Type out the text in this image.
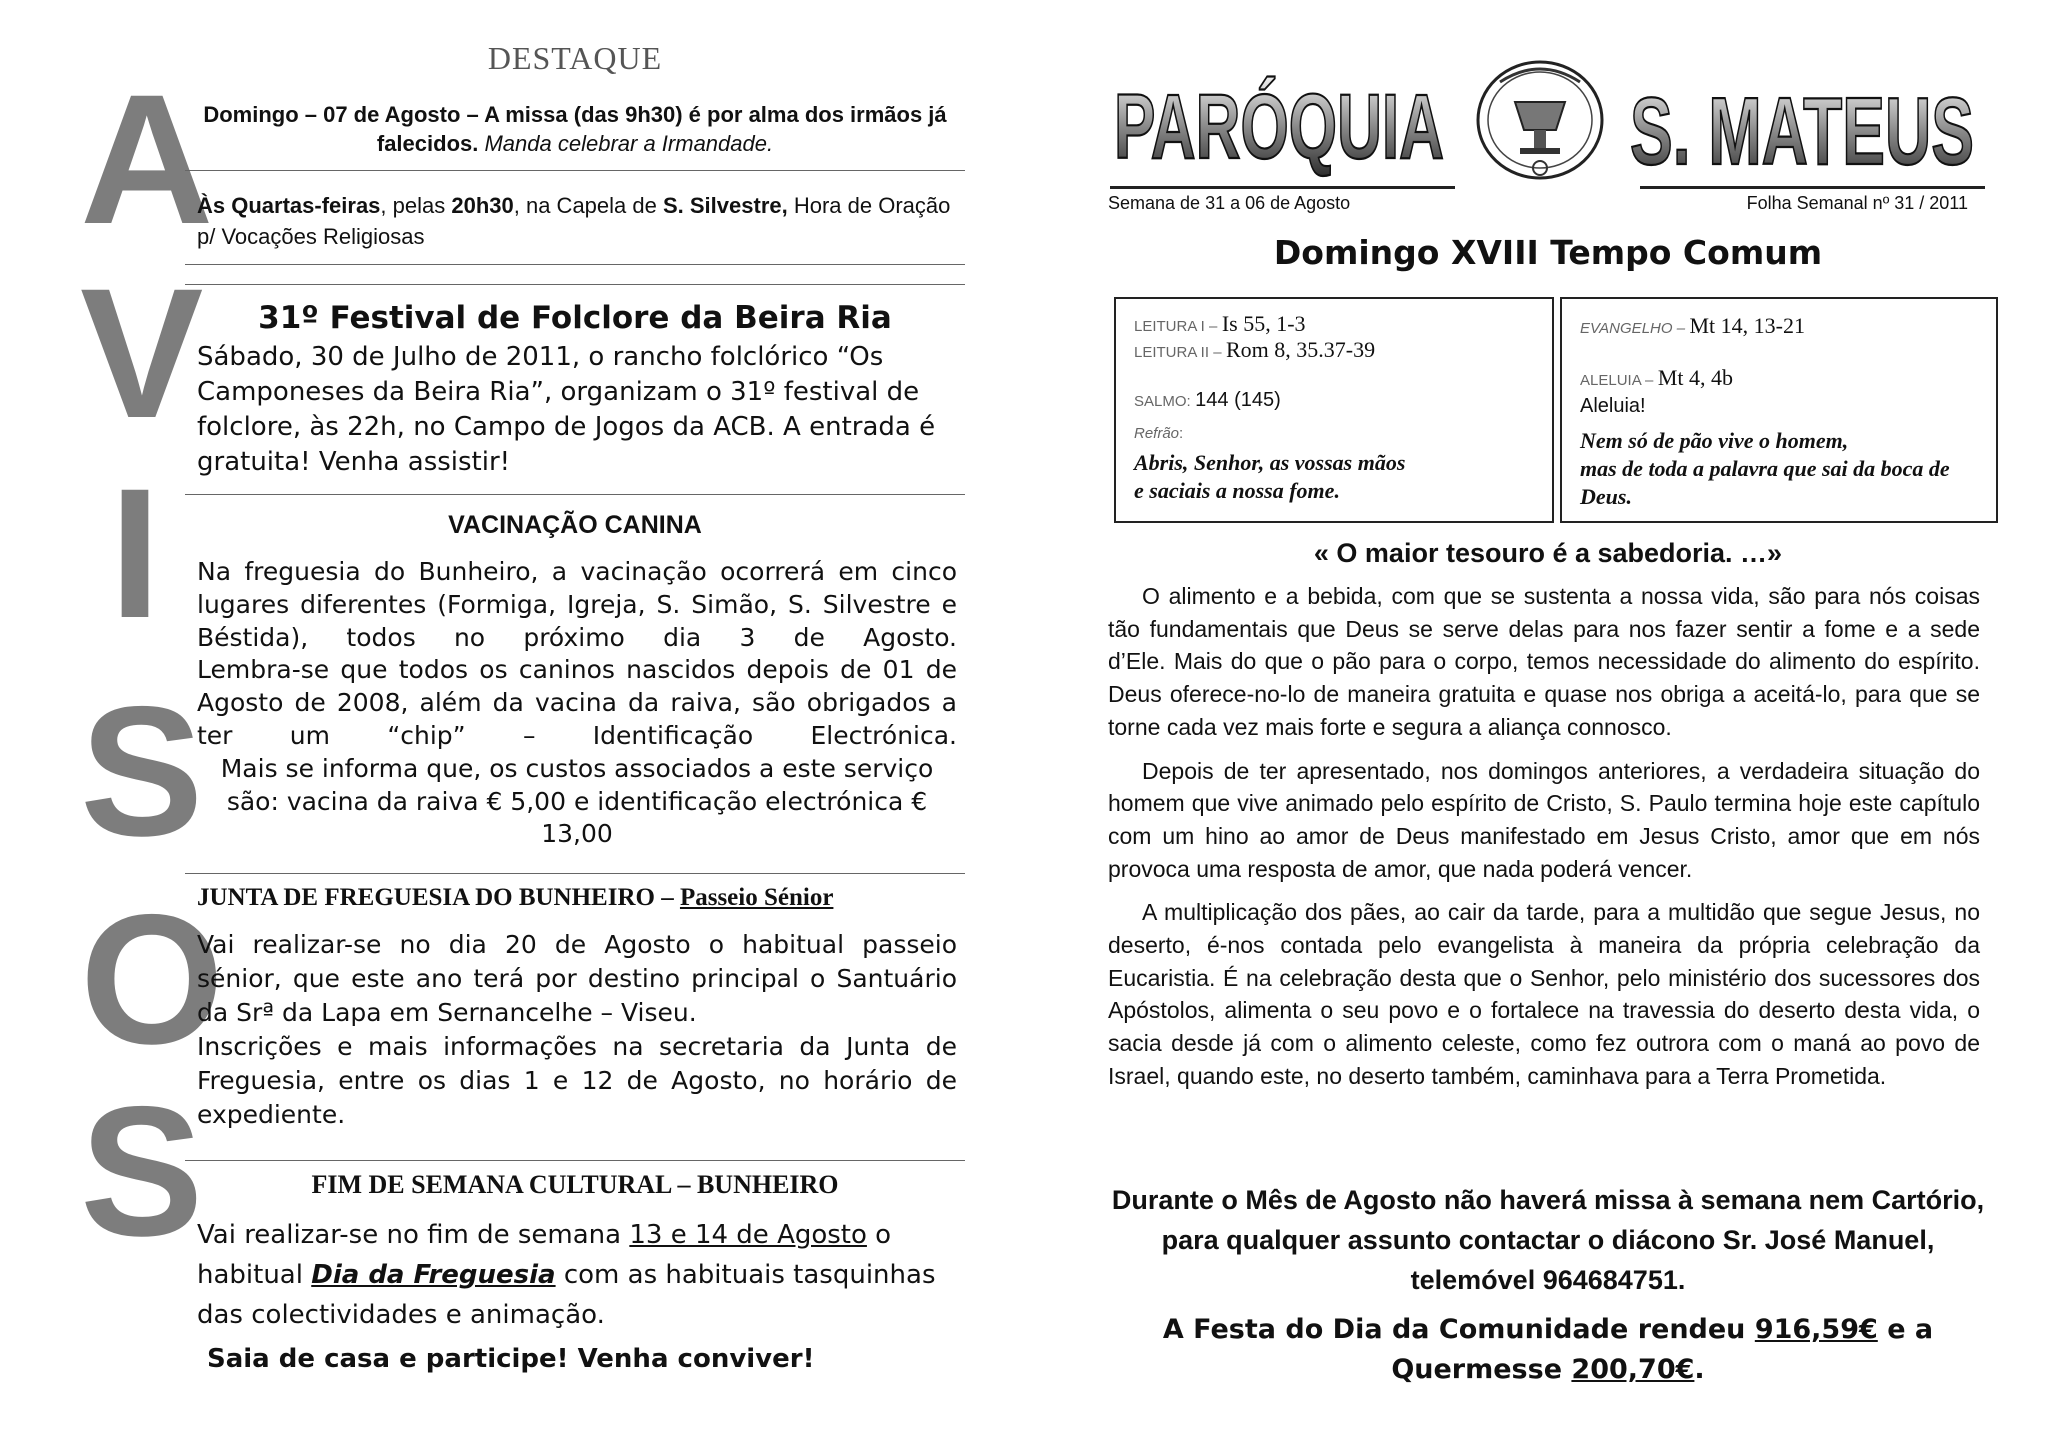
A
V
I
S
O
S
DESTAQUE
Domingo – 07 de Agosto – A missa (das 9h30) é por alma dos irmãos já falecidos. Manda celebrar a Irmandade.
Às Quartas-feiras, pelas 20h30, na Capela de S. Silvestre, Hora de Oração p/ Vocações Religiosas
31º Festival de Folclore da Beira Ria
Sábado, 30 de Julho de 2011, o rancho folclórico “Os Camponeses da Beira Ria”, organizam o 31º festival de folclore, às 22h, no Campo de Jogos da ACB. A entrada é gratuita! Venha assistir!
VACINAÇÃO CANINA
Na freguesia do Bunheiro, a vacinação ocorrerá em cinco lugares diferentes (Formiga, Igreja, S. Simão, S. Silvestre e Béstida), todos no próximo dia 3 de Agosto.
Lembra-se que todos os caninos nascidos depois de 01 de Agosto de 2008, além da vacina da raiva, são obrigados a ter um “chip” – Identificação Electrónica.
Mais se informa que, os custos associados a este serviço são: vacina da raiva € 5,00 e identificação electrónica € 13,00
JUNTA DE FREGUESIA DO BUNHEIRO – Passeio Sénior
Vai realizar-se no dia 20 de Agosto o habitual passeio sénior, que este ano terá por destino principal o Santuário da Srª da Lapa em Sernancelhe – Viseu.
Inscrições e mais informações na secretaria da Junta de Freguesia, entre os dias 1 e 12 de Agosto, no horário de expediente.
FIM DE SEMANA CULTURAL – BUNHEIRO
Vai realizar-se no fim de semana 13 e 14 de Agosto o habitual Dia da Freguesia com as habituais tasquinhas das colectividades e animação.
Saia de casa e participe! Venha conviver!
PARÓQUIA S. MATEUS
Semana de 31 a 06 de Agosto	Folha Semanal nº 31 / 2011
Domingo XVIII Tempo Comum
LEITURA I – Is 55, 1-3
LEITURA II – Rom 8, 35.37-39
SALMO: 144 (145)
Refrão:
Abris, Senhor, as vossas mãos
e saciais a nossa fome.
EVANGELHO – Mt 14, 13-21
ALELUIA – Mt 4, 4b
Aleluia!
Nem só de pão vive o homem,
mas de toda a palavra que sai da boca de Deus.
« O maior tesouro é a sabedoria. …»

O alimento e a bebida, com que se sustenta a nossa vida, são para nós coisas tão fundamentais que Deus se serve delas para nos fazer sentir a fome e a sede d’Ele. Mais do que o pão para o corpo, temos necessidade do alimento do espírito. Deus oferece-no-lo de maneira gratuita e quase nos obriga a aceitá-lo, para que se torne cada vez mais forte e segura a aliança connosco.

Depois de ter apresentado, nos domingos anteriores, a verdadeira situação do homem que vive animado pelo espírito de Cristo, S. Paulo termina hoje este capítulo com um hino ao amor de Deus manifestado em Jesus Cristo, amor que em nós provoca uma resposta de amor, que nada poderá vencer.

A multiplicação dos pães, ao cair da tarde, para a multidão que segue Jesus, no deserto, é-nos contada pelo evangelista à maneira da própria celebração da Eucaristia. É na celebração desta que o Senhor, pelo ministério dos sucessores dos Apóstolos, alimenta o seu povo e o fortalece na travessia do deserto desta vida, o sacia desde já com o alimento celeste, como fez outrora com o maná ao povo de Israel, quando este, no deserto também, caminhava para a Terra Prometida.

Durante o Mês de Agosto não haverá missa à semana nem Cartório, para qualquer assunto contactar o diácono Sr. José Manuel, telemóvel 964684751.
A Festa do Dia da Comunidade rendeu 916,59€ e a Quermesse 200,70€.
